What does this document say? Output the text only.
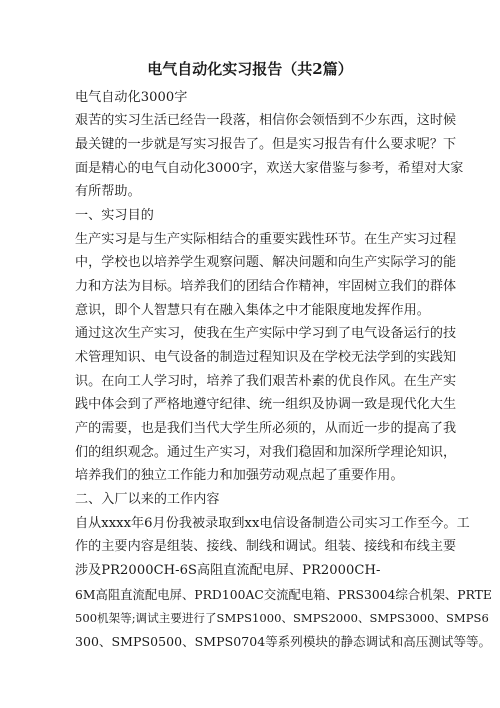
电气自动化实习报告（共2篇）
电气自动化3000字
艰苦的实习生活已经告一段落，相信你会领悟到不少东西，这时候
最关键的一步就是写实习报告了。但是实习报告有什么要求呢？下
面是精心的电气自动化3000字，欢送大家借鉴与参考，希望对大家
有所帮助。
一、实习目的
生产实习是与生产实际相结合的重要实践性环节。在生产实习过程
中，学校也以培养学生观察问题、解决问题和向生产实际学习的能
力和方法为目标。培养我们的团结合作精神，牢固树立我们的群体
意识，即个人智慧只有在融入集体之中才能限度地发挥作用。
通过这次生产实习，使我在生产实际中学习到了电气设备运行的技
术管理知识、电气设备的制造过程知识及在学校无法学到的实践知
识。在向工人学习时，培养了我们艰苦朴素的优良作风。在生产实
践中体会到了严格地遵守纪律、统一组织及协调一致是现代化大生
产的需要，也是我们当代大学生所必须的，从而近一步的提高了我
们的组织观念。通过生产实习，对我们稳固和加深所学理论知识，
培养我们的独立工作能力和加强劳动观点起了重要作用。
二、入厂以来的工作内容
自从xxxx年6月份我被录取到xx电信设备制造公司实习工作至今。工
作的主要内容是组装、接线、制线和调试。组装、接线和布线主要
涉及PR2000CH-6S高阻直流配电屏、PR2000CH-
6M高阻直流配电屏、PRD100AC交流配电箱、PRS3004综合机架、PRTE
500机架等;调试主要进行了SMPS1000、SMPS2000、SMPS3000、SMPS6
300、SMPS0500、SMPS0704等系列模块的静态调试和高压测试等等。
